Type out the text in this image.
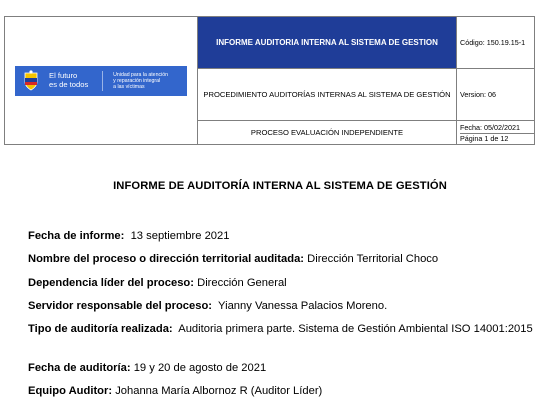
El futuro
es de todos
Unidad para la atención
y reparación integral
a las víctimas	INFORME AUDITORIA INTERNA AL SISTEMA DE GESTION	Código: 150.19.15-1
	PROCEDIMIENTO AUDITORÍAS INTERNAS AL SISTEMA DE GESTIÓN	Version: 06
	PROCESO EVALUACIÓN INDEPENDIENTE	Fecha: 05/02/2021
Página 1 de 12
INFORME DE AUDITORÍA INTERNA AL SISTEMA DE GESTIÓN
Fecha de informe: 13 septiembre 2021
Nombre del proceso o dirección territorial auditada: Dirección Territorial Choco
Dependencia líder del proceso: Dirección General
Servidor responsable del proceso: Yianny Vanessa Palacios Moreno.
Tipo de auditoría realizada: Auditoria primera parte. Sistema de Gestión Ambiental ISO 14001:2015
Fecha de auditoría: 19 y 20 de agosto de 2021
Equipo Auditor: Johanna María Albornoz R (Auditor Líder)
